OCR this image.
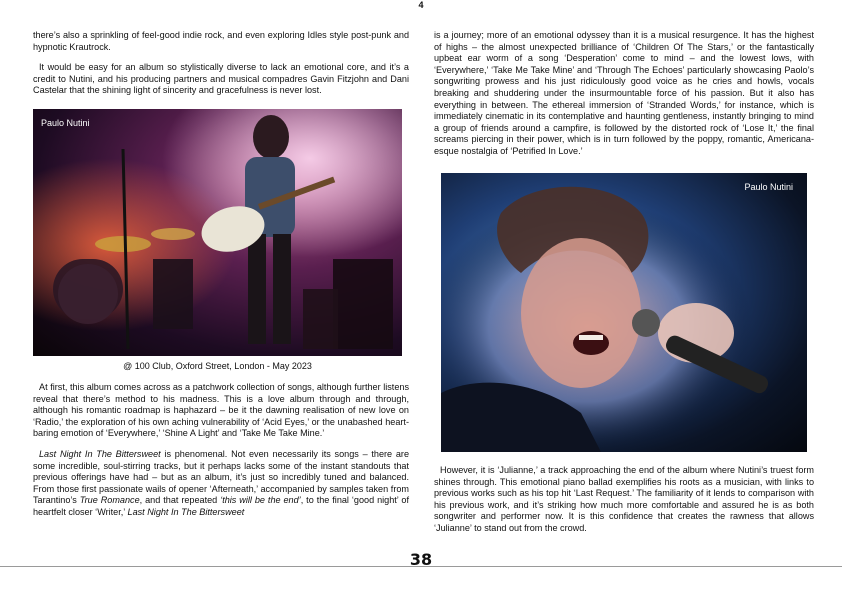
4

there’s also a sprinkling of feel-good indie rock, and even exploring Idles style post-punk and hypnotic Krautrock.

It would be easy for an album so stylistically diverse to lack an emotional core, and it’s a credit to Nutini, and his producing partners and musical compadres Gavin Fitzjohn and Dani Castelar that the shining light of sincerity and gracefulness is never lost.

Paulo Nutini
@ 100 Club, Oxford Street, London - May 2023

At first, this album comes across as a patchwork collection of songs, although further listens reveal that there’s method to his madness. This is a love album through and through, although his romantic roadmap is haphazard – be it the dawning realisation of new love on ‘Radio,’ the exploration of his own aching vulnerability of ‘Acid Eyes,’ or the unabashed heart-baring emotion of ‘Everywhere,’ ‘Shine A Light’ and ‘Take Me Take Mine.’

Last Night In The Bittersweet is phenomenal. Not even necessarily its songs – there are some incredible, soul-stirring tracks, but it perhaps lacks some of the instant standouts that previous offerings have had – but as an album, it’s just so incredibly tuned and balanced. From those first passionate wails of opener ‘Afterneath,’ accompanied by samples taken from Tarantino’s True Romance, and that repeated ‘this will be the end’, to the final ‘good night’ of heartfelt closer ‘Writer,’ Last Night In The Bittersweet

is a journey; more of an emotional odyssey than it is a musical resurgence. It has the highest of highs – the almost unexpected brilliance of ‘Children Of The Stars,’ or the fantastically upbeat ear worm of a song ‘Desperation’ come to mind – and the lowest lows, with ‘Everywhere,’ ‘Take Me Take Mine’ and ‘Through The Echoes’ particularly showcasing Paolo’s songwriting prowess and his just ridiculously good voice as he cries and howls, vocals breaking and shuddering under the insurmountable force of his passion. But it also has everything in between. The ethereal immersion of ‘Stranded Words,’ for instance, which is immediately cinematic in its contemplative and haunting gentleness, instantly bringing to mind a group of friends around a campfire, is followed by the distorted rock of ‘Lose It,’ the final screams piercing in their power, which is in turn followed by the poppy, romantic, Americana-esque nostalgia of ‘Petrified In Love.’

Paulo Nutini

However, it is ‘Julianne,’ a track approaching the end of the album where Nutini’s truest form shines through. This emotional piano ballad exemplifies his roots as a musician, with links to previous works such as his top hit ‘Last Request.’ The familiarity of it lends to comparison with his previous work, and it’s striking how much more comfortable and assured he is as both songwriter and performer now. It is this confidence that creates the rawness that allows ‘Julianne’ to stand out from the crowd.

38
